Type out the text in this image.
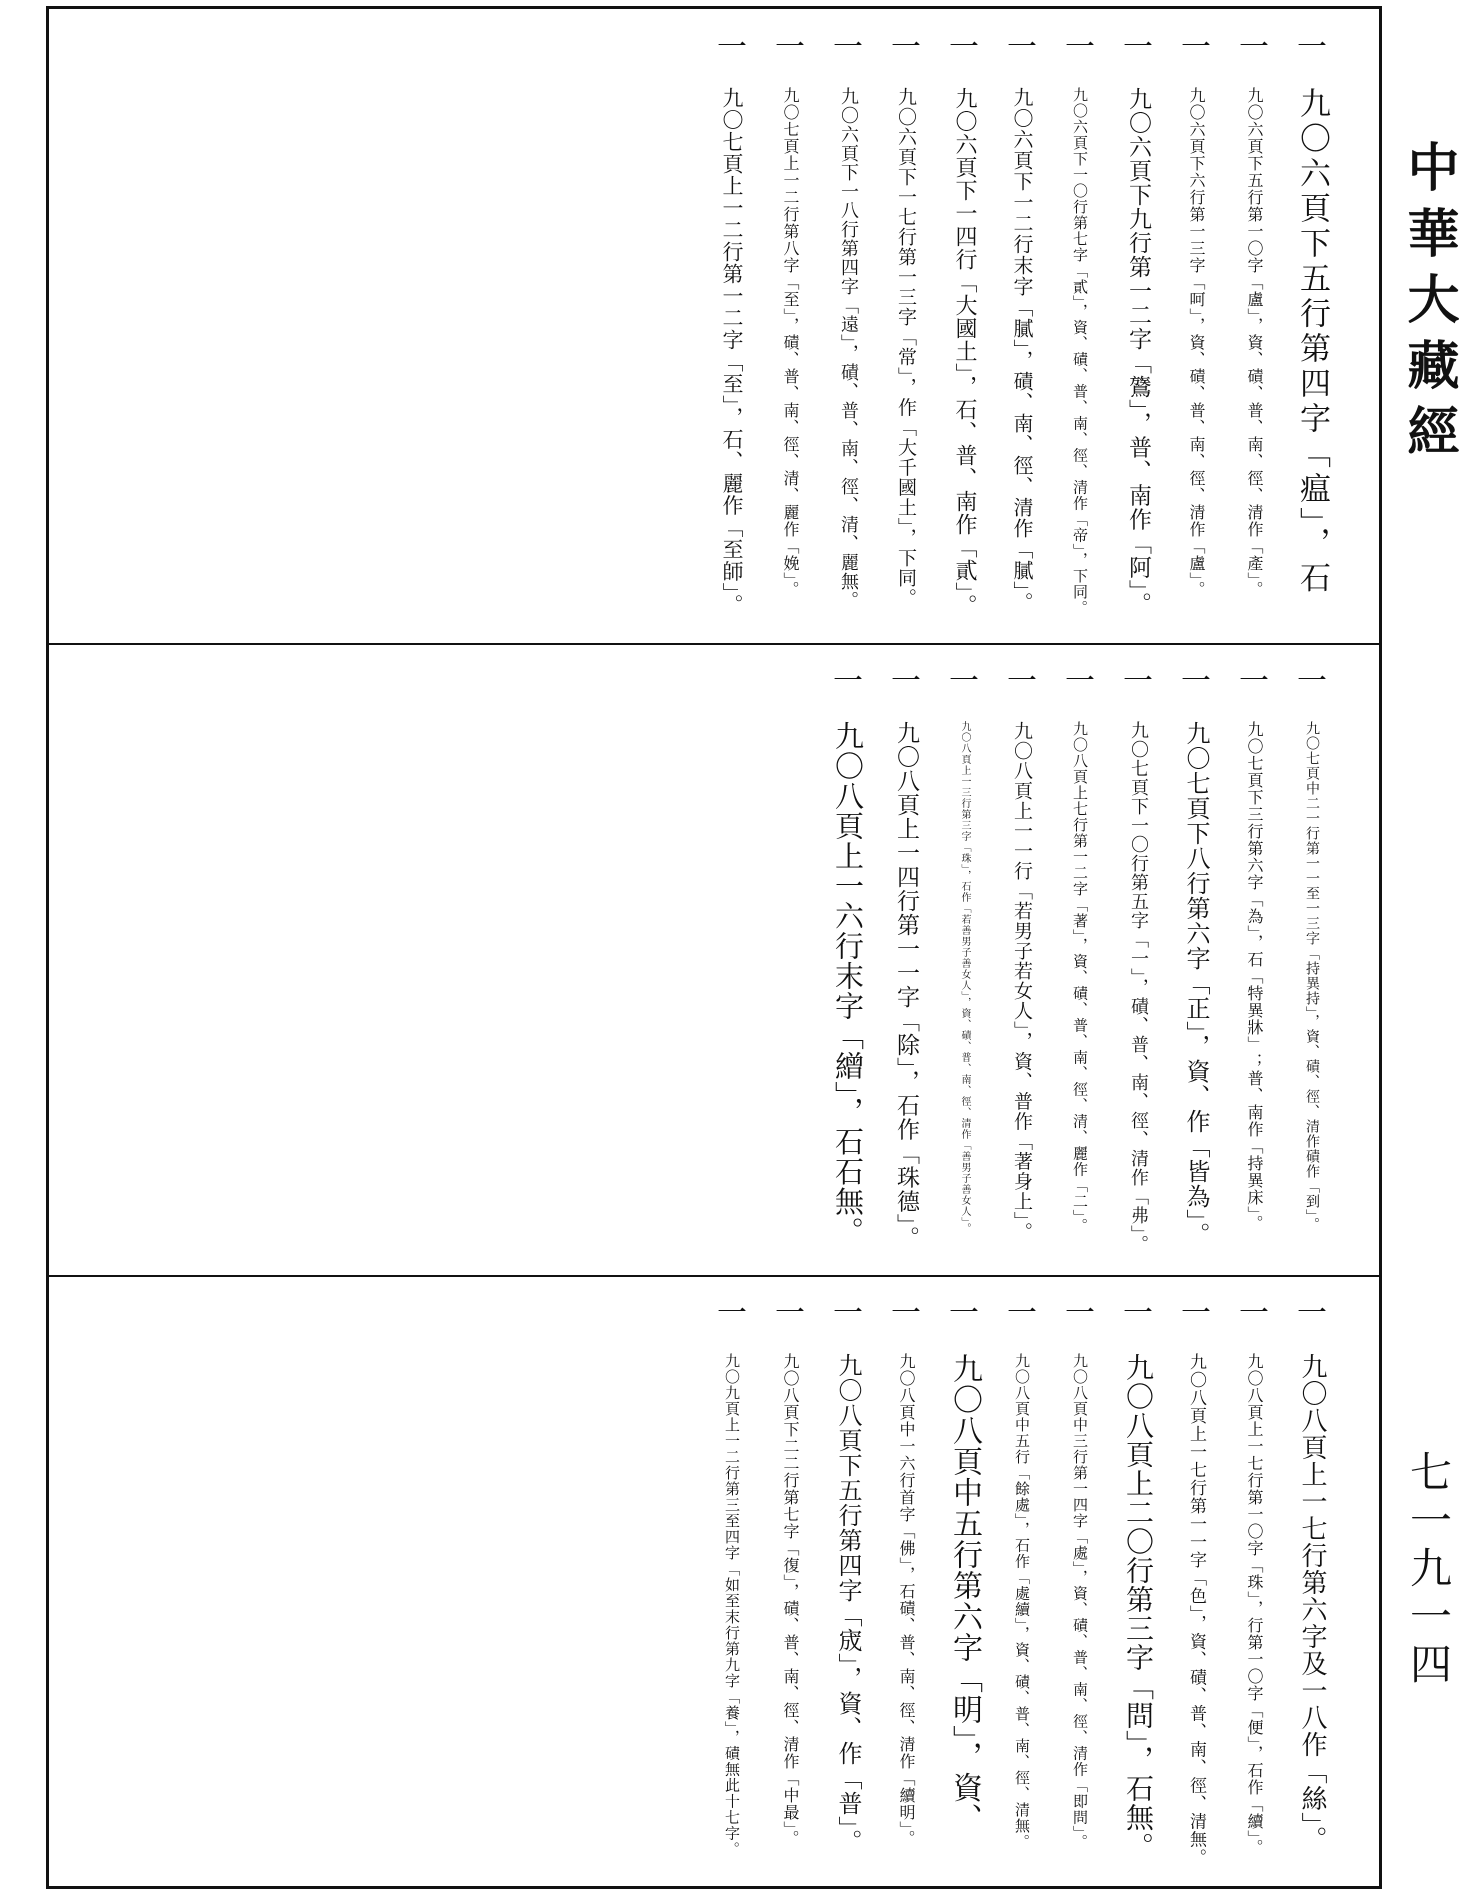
一
九〇六頁下五行第四字「瘟」，石
一
九〇六頁下五行第一〇字「盧」，資、磧、普、南、徑、清作「產」。
一
九〇六頁下六行第一三字「呵」，資、磧、普、南、徑、清作「盧」。
一
九〇六頁下九行第一二字「鷟」，普、南作「阿」。
一
九〇六頁下一〇行第七字「貳」，資、磧、普、南、徑、清作「帝」，下同。
一
九〇六頁下一二行末字「膩」，磧、南、徑、清作「膩」。
一
九〇六頁下一四行「大國土」，石、普、南作「貳」。
一
九〇六頁下一七行第一三字「常」，作「大千國土」，下同。
一
九〇六頁下一八行第四字「遠」，磧、普、南、徑、清、麗無。
一
九〇七頁上一二行第八字「至」，磧、普、南、徑、清、麗作「娩」。
一
九〇七頁上一二行第一二字「至」，石、麗作「至師」。
一
九〇七頁中二一行第一一至一三字「持異持」，資、磧、徑、清作磧作「到」。
一
九〇七頁下三行第六字「為」，石「特異牀」；普、南作「持異床」。
一
九〇七頁下八行第六字「正」，資、作「皆為」。
一
九〇七頁下一〇行第五字「一」，磧、普、南、徑、清作「弗」。
一
九〇八頁上七行第一二字「著」，資、磧、普、南、徑、清、麗作「二」。
一
九〇八頁上一一行「若男子若女人」，資、普作「著身上」。
一
九〇八頁上一三行第三字「珠」，石作「若善男子善女人」，資、磧、普、南、徑、清作「善男子善女人」。
一
九〇八頁上一四行第一一字「除」，石作「珠德」。
一
九〇八頁上一六行末字「繒」，石石無。
一
九〇八頁上一七行第六字及一八作「絲」。
一
九〇八頁上一七行第一〇字「珠」，行第一〇字「便」，石作「續」。
一
九〇八頁上一七行第一一字「色」，資、磧、普、南、徑、清無。
一
九〇八頁上二〇行第三字「問」，石無。
一
九〇八頁中三行第一四字「處」，資、磧、普、南、徑、清作「即問」。
一
九〇八頁中五行「餘處」，石作「處續」，資、磧、普、南、徑、清無。
一
九〇八頁中五行第六字「明」，資、
一
九〇八頁中一六行首字「佛」，石磧、普、南、徑、清作「續明」。
一
九〇八頁下五行第四字「宬」，資、作「普」。
一
九〇八頁下二二行第七字「復」，磧、普、南、徑、清作「中最」。
一
九〇九頁上一二行第三至四字「如至末行第九字「養」，磧無此十七字。
中華大藏經
七一九一四
